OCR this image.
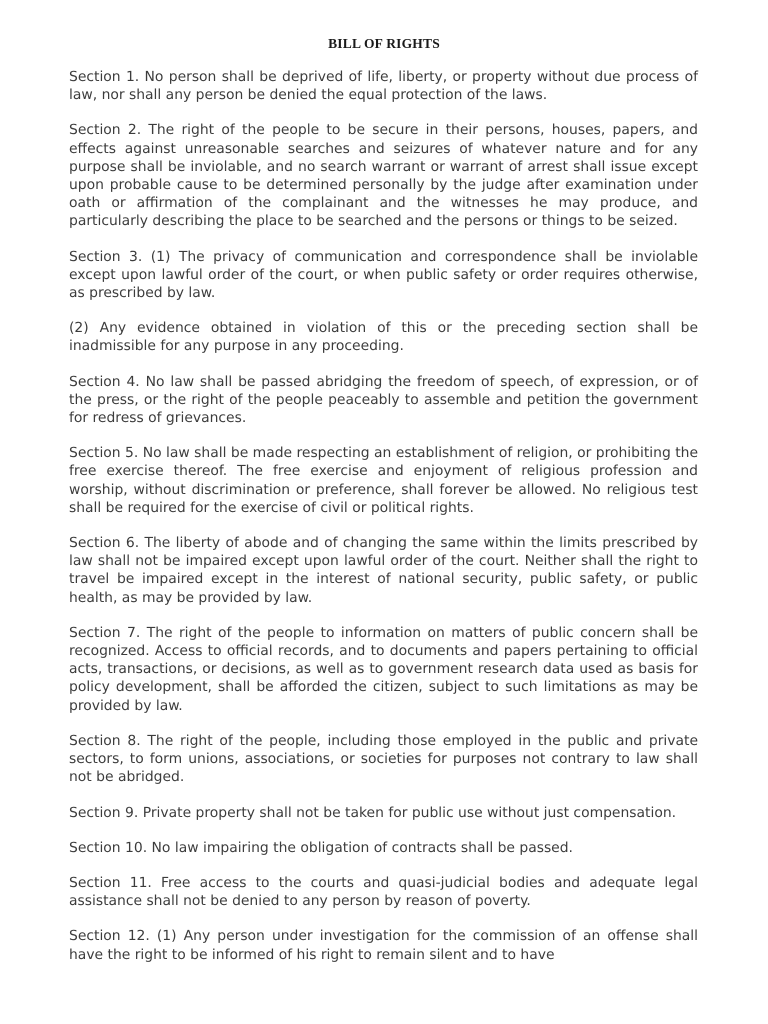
BILL OF RIGHTS

Section 1. No person shall be deprived of life, liberty, or property without due process of law, nor shall any person be denied the equal protection of the laws.

Section 2. The right of the people to be secure in their persons, houses, papers, and effects against unreasonable searches and seizures of whatever nature and for any purpose shall be inviolable, and no search warrant or warrant of arrest shall issue except upon probable cause to be determined personally by the judge after examination under oath or affirmation of the complainant and the witnesses he may produce, and particularly describing the place to be searched and the persons or things to be seized.

Section 3. (1) The privacy of communication and correspondence shall be inviolable except upon lawful order of the court, or when public safety or order requires otherwise, as prescribed by law.

(2) Any evidence obtained in violation of this or the preceding section shall be inadmissible for any purpose in any proceeding.

Section 4. No law shall be passed abridging the freedom of speech, of expression, or of the press, or the right of the people peaceably to assemble and petition the government for redress of grievances.

Section 5. No law shall be made respecting an establishment of religion, or prohibiting the free exercise thereof. The free exercise and enjoyment of religious profession and worship, without discrimination or preference, shall forever be allowed. No religious test shall be required for the exercise of civil or political rights.

Section 6. The liberty of abode and of changing the same within the limits prescribed by law shall not be impaired except upon lawful order of the court. Neither shall the right to travel be impaired except in the interest of national security, public safety, or public health, as may be provided by law.

Section 7. The right of the people to information on matters of public concern shall be recognized. Access to official records, and to documents and papers pertaining to official acts, transactions, or decisions, as well as to government research data used as basis for policy development, shall be afforded the citizen, subject to such limitations as may be provided by law.

Section 8. The right of the people, including those employed in the public and private sectors, to form unions, associations, or societies for purposes not contrary to law shall not be abridged.

Section 9. Private property shall not be taken for public use without just compensation.

Section 10. No law impairing the obligation of contracts shall be passed.

Section 11. Free access to the courts and quasi-judicial bodies and adequate legal assistance shall not be denied to any person by reason of poverty.

Section 12. (1) Any person under investigation for the commission of an offense shall have the right to be informed of his right to remain silent and to have
